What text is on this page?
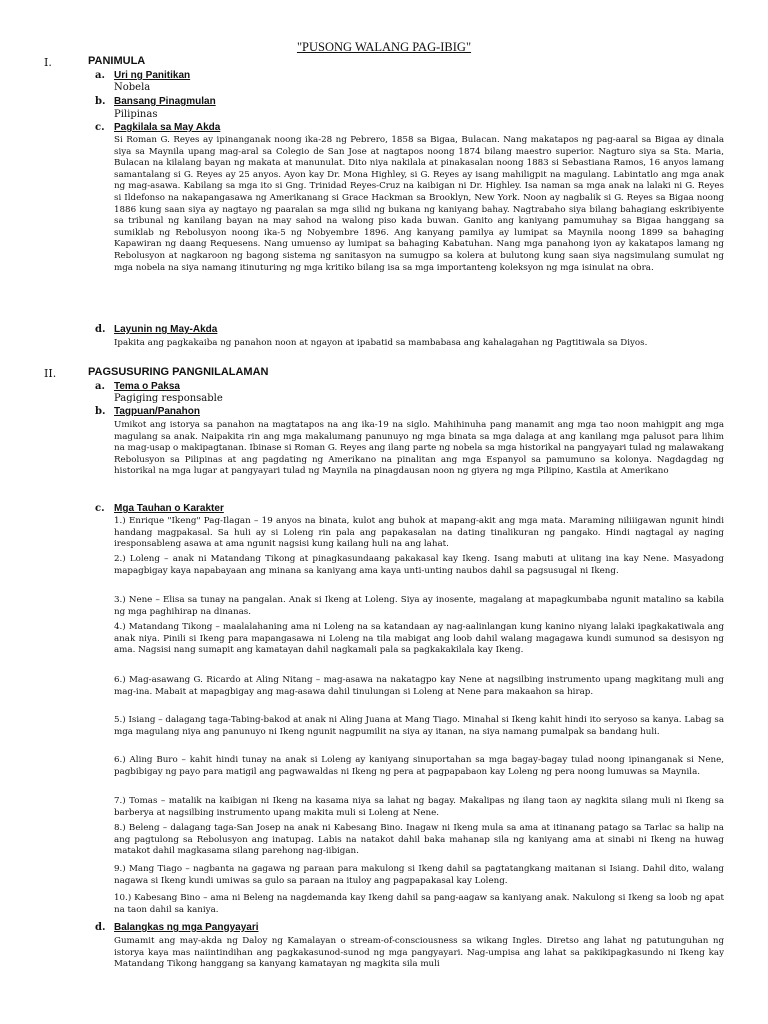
"PUSONG WALANG PAG-IBIG"
I.	PANIMULA
a. Uri ng Panitikan
Nobela
b. Bansang Pinagmulan
Pilipinas
c. Pagkilala sa May Akda
Si Roman G. Reyes ay ipinanganak noong ika-28 ng Pebrero, 1858 sa Bigaa, Bulacan. Nang makatapos ng pag-aaral sa Bigaa ay dinala siya sa Maynila upang mag-aral sa Colegio de San Jose at nagtapos noong 1874 bilang maestro superior. Nagturo siya sa Sta. Maria, Bulacan na kilalang bayan ng makata at manunulat. Dito niya nakilala at pinakasalan noong 1883 si Sebastiana Ramos, 16 anyos lamang samantalang si G. Reyes ay 25 anyos. Ayon kay Dr. Mona Highley, si G. Reyes ay isang mahiligpit na magulang. Labintatlo ang mga anak ng mag-asawa. Kabilang sa mga ito si Gng. Trinidad Reyes-Cruz na kaibigan ni Dr. Highley. Isa naman sa mga anak na lalaki ni G. Reyes si Ildefonso na nakapangasawa ng Amerikanang si Grace Hackman sa Brooklyn, New York. Noon ay nagbalik si G. Reyes sa Bigaa noong 1886 kung saan siya ay nagtayo ng paaralan sa mga silid ng bukana ng kaniyang bahay. Nagtrabaho siya bilang bahagiang eskribiyente sa tribunal ng kanilang bayan na may sahod na walong piso kada buwan. Ganito ang kaniyang pamumuhay sa Bigaa hanggang sa sumiklab ng Rebolusyon noong ika-5 ng Nobyembre 1896. Ang kanyang pamilya ay lumipat sa Maynila noong 1899 sa bahaging Kapawiran ng daang Requesens. Nang umuenso ay lumipat sa bahaging Kabatuhan. Nang mga panahong iyon ay kakatapos lamang ng Rebolusyon at nagkaroon ng bagong sistema ng sanitasyon na sumugpo sa kolera at bulutong kung saan siya nagsimulang sumulat ng mga nobela na siya namang itinuturing ng mga kritiko bilang isa sa mga importanteng koleksyon ng mga isinulat na obra.
d. Layunin ng May-Akda
Ipakita ang pagkakaiba ng panahon noon at ngayon at ipabatid sa mambabasa ang kahalagahan ng Pagtitiwala sa Diyos.
II.	PAGSUSURING PANGNILALAMAN
a. Tema o Paksa
Pagiging responsable
b. Tagpuan/Panahon
Umikot ang istorya sa panahon na magtatapos na ang ika-19 na siglo. Mahihinuha pang manamit ang mga tao noon mahigpit ang mga magulang sa anak. Naipakita rin ang mga makalumang panunuyo ng mga binata sa mga dalaga at ang kanilang mga palusot para lihim na mag-usap o makipagtanan. Ibinase si Roman G. Reyes ang ilang parte ng nobela sa mga historikal na pangyayari tulad ng malawakang Rebolusyon sa Pilipinas at ang pagdating ng Amerikano na pinalitan ang mga Espanyol sa pamumuno sa kolonya. Nagdagdag ng historikal na mga lugar at pangyayari tulad ng Maynila na pinagdausan noon ng giyera ng mga Pilipino, Kastila at Amerikano
c. Mga Tauhan o Karakter
1.) Enrique "Ikeng" Pag-Ilagan – 19 anyos na binata, kulot ang buhok at mapang-akit ang mga mata. Maraming niliiigawan ngunit hindi handang magpakasal. Sa huli ay si Loleng rin pala ang papakasalan na dating tinalikuran ng pangako. Hindi nagtagal ay naging iresponsableng asawa at ama ngunit nagsisi kung kailang huli na ang lahat.
2.) Loleng – anak ni Matandang Tikong at pinagkasundaang pakakasal kay Ikeng. Isang mabuti at ulitang ina kay Nene. Masyadong mapagbigay kaya napabayaan ang minana sa kaniyang ama kaya unti-unting naubos dahil sa pagsusugal ni Ikeng.
3.) Nene – Elisa sa tunay na pangalan. Anak si Ikeng at Loleng. Siya ay inosente, magalang at mapagkumbaba ngunit matalino sa kabila ng mga paghihirap na dinanas.
4.) Matandang Tikong – maalalahaning ama ni Loleng na sa katandaan ay nag-aalinlangan kung kanino niyang lalaki ipagkakatiwala ang anak niya. Pinili si Ikeng para mapangasawa ni Loleng na tila mabigat ang loob dahil walang magagawa kundi sumunod sa desisyon ng ama. Nagsisi nang sumapit ang kamatayan dahil nagkamali pala sa pagkakakilala kay Ikeng.
6.) Mag-asawang G. Ricardo at Aling Nitang – mag-asawa na nakatagpo kay Nene at nagsilbing instrumento upang magkitang muli ang mag-ina. Mabait at mapagbigay ang mag-asawa dahil tinulungan si Loleng at Nene para makaahon sa hirap.
5.) Isiang – dalagang taga-Tabing-bakod at anak ni Aling Juana at Mang Tiago. Minahal si Ikeng kahit hindi ito seryoso sa kanya. Labag sa mga magulang niya ang panunuyo ni Ikeng ngunit nagpumilit na siya ay itanan, na siya namang pumalpak sa bandang huli.
6.) Aling Buro – kahit hindi tunay na anak si Loleng ay kaniyang sinuportahan sa mga bagay-bagay tulad noong ipinanganak si Nene, pagbibigay ng payo para matigil ang pagwawaldas ni Ikeng ng pera at pagpapabaon kay Loleng ng pera noong lumuwas sa Maynila.
7.) Tomas – matalik na kaibigan ni Ikeng na kasama niya sa lahat ng bagay. Makalipas ng ilang taon ay nagkita silang muli ni Ikeng sa barberya at nagsilbing instrumento upang makita muli si Loleng at Nene.
8.) Beleng – dalagang taga-San Josep na anak ni Kabesang Bino. Inagaw ni Ikeng mula sa ama at itinanang patago sa Tarlac sa halip na ang pagtulong sa Rebolusyon ang inatupag. Labis na natakot dahil baka mahanap sila ng kaniyang ama at sinabi ni Ikeng na huwag matakot dahil magkasama silang parehong nag-iibigan.
9.) Mang Tiago – nagbanta na gagawa ng paraan para makulong si Ikeng dahil sa pagtatangkang maitanan si Isiang. Dahil dito, walang nagawa si Ikeng kundi umiwas sa gulo sa paraan na ituloy ang pagpapakasal kay Loleng.
10.) Kabesang Bino – ama ni Beleng na nagdemanda kay Ikeng dahil sa pang-aagaw sa kaniyang anak. Nakulong si Ikeng sa loob ng apat na taon dahil sa kaniya.
d. Balangkas ng mga Pangyayari
Gumamit ang may-akda ng Daloy ng Kamalayan o stream-of-consciousness sa wikang Ingles. Diretso ang lahat ng patutunguhan ng istorya kaya mas naiintindihan ang pagkakasunod-sunod ng mga pangyayari. Nag-umpisa ang lahat sa pakikipagkasundo ni Ikeng kay Matandang Tikong hanggang sa kanyang kamatayan ng magkita sila muli
